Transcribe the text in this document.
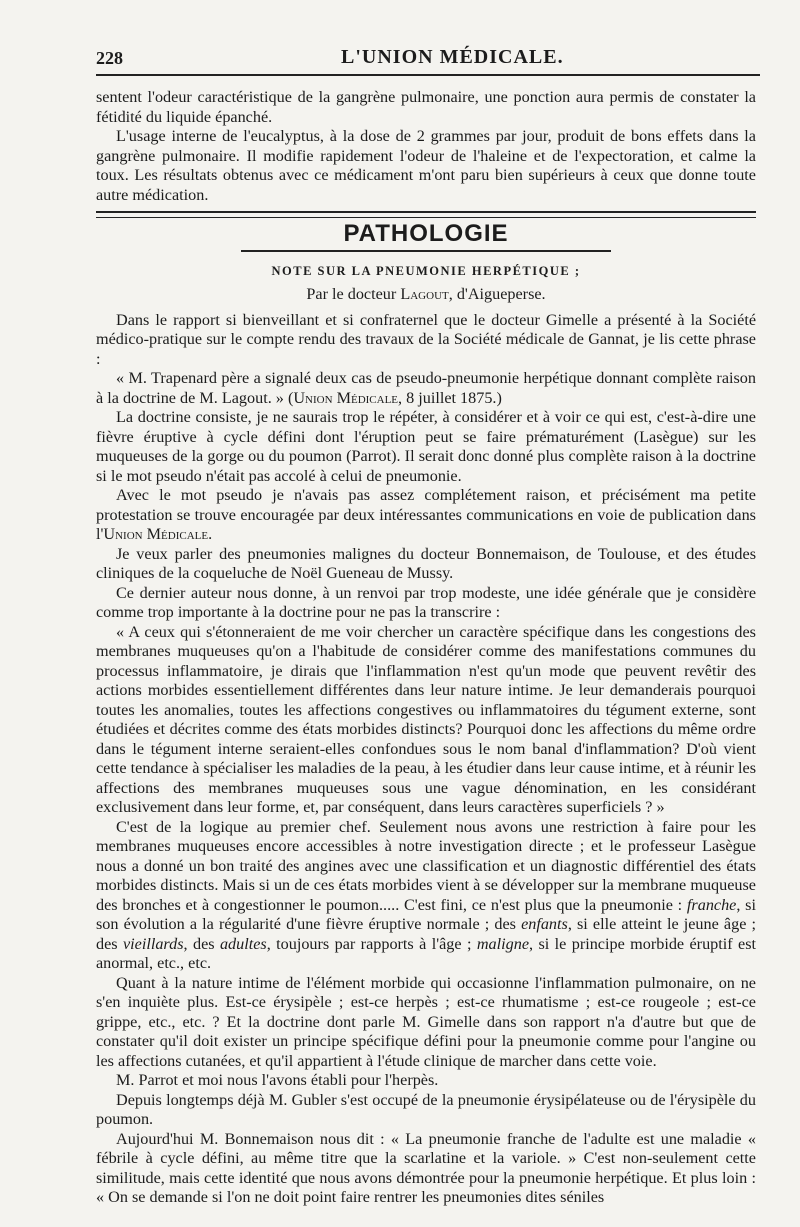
228	L'UNION MÉDICALE.

sentent l'odeur caractéristique de la gangrène pulmonaire, une ponction aura permis de constater la fétidité du liquide épanché.

L'usage interne de l'eucalyptus, à la dose de 2 grammes par jour, produit de bons effets dans la gangrène pulmonaire. Il modifie rapidement l'odeur de l'haleine et de l'expectoration, et calme la toux. Les résultats obtenus avec ce médicament m'ont paru bien supérieurs à ceux que donne toute autre médication.

PATHOLOGIE
NOTE SUR LA PNEUMONIE HERPÉTIQUE ;
Par le docteur Lagout, d'Aigueperse.

Dans le rapport si bienveillant et si confraternel que le docteur Gimelle a présenté à la Société médico-pratique sur le compte rendu des travaux de la Société médicale de Gannat, je lis cette phrase :

« M. Trapenard père a signalé deux cas de pseudo-pneumonie herpétique donnant complète raison à la doctrine de M. Lagout. » (Union Médicale, 8 juillet 1875.)

La doctrine consiste, je ne saurais trop le répéter, à considérer et à voir ce qui est, c'est-à-dire une fièvre éruptive à cycle défini dont l'éruption peut se faire prématurément (Lasègue) sur les muqueuses de la gorge ou du poumon (Parrot). Il serait donc donné plus complète raison à la doctrine si le mot pseudo n'était pas accolé à celui de pneumonie.

Avec le mot pseudo je n'avais pas assez complétement raison, et précisément ma petite protestation se trouve encouragée par deux intéressantes communications en voie de publication dans l'Union Médicale.

Je veux parler des pneumonies malignes du docteur Bonnemaison, de Toulouse, et des études cliniques de la coqueluche de Noël Gueneau de Mussy.

Ce dernier auteur nous donne, à un renvoi par trop modeste, une idée générale que je considère comme trop importante à la doctrine pour ne pas la transcrire :

« A ceux qui s'étonneraient de me voir chercher un caractère spécifique dans les congestions des membranes muqueuses qu'on a l'habitude de considérer comme des manifestations communes du processus inflammatoire, je dirais que l'inflammation n'est qu'un mode que peuvent revêtir des actions morbides essentiellement différentes dans leur nature intime. Je leur demanderais pourquoi toutes les anomalies, toutes les affections congestives ou inflammatoires du tégument externe, sont étudiées et décrites comme des états morbides distincts? Pourquoi donc les affections du même ordre dans le tégument interne seraient-elles confondues sous le nom banal d'inflammation? D'où vient cette tendance à spécialiser les maladies de la peau, à les étudier dans leur cause intime, et à réunir les affections des membranes muqueuses sous une vague dénomination, en les considérant exclusivement dans leur forme, et, par conséquent, dans leurs caractères superficiels ? »

C'est de la logique au premier chef. Seulement nous avons une restriction à faire pour les membranes muqueuses encore accessibles à notre investigation directe ; et le professeur Lasègue nous a donné un bon traité des angines avec une classification et un diagnostic différentiel des états morbides distincts. Mais si un de ces états morbides vient à se développer sur la membrane muqueuse des bronches et à congestionner le poumon..... C'est fini, ce n'est plus que la pneumonie : franche, si son évolution a la régularité d'une fièvre éruptive normale ; des enfants, si elle atteint le jeune âge ; des vieillards, des adultes, toujours par rapports à l'âge ; maligne, si le principe morbide éruptif est anormal, etc., etc.

Quant à la nature intime de l'élément morbide qui occasionne l'inflammation pulmonaire, on ne s'en inquiète plus. Est-ce érysipèle ; est-ce herpès ; est-ce rhumatisme ; est-ce rougeole ; est-ce grippe, etc., etc. ? Et la doctrine dont parle M. Gimelle dans son rapport n'a d'autre but que de constater qu'il doit exister un principe spécifique défini pour la pneumonie comme pour l'angine ou les affections cutanées, et qu'il appartient à l'étude clinique de marcher dans cette voie.

M. Parrot et moi nous l'avons établi pour l'herpès.

Depuis longtemps déjà M. Gubler s'est occupé de la pneumonie érysipélateuse ou de l'érysipèle du poumon.

Aujourd'hui M. Bonnemaison nous dit : « La pneumonie franche de l'adulte est une maladie « fébrile à cycle défini, au même titre que la scarlatine et la variole. » C'est non-seulement cette similitude, mais cette identité que nous avons démontrée pour la pneumonie herpétique. Et plus loin : « On se demande si l'on ne doit point faire rentrer les pneumonies dites séniles
